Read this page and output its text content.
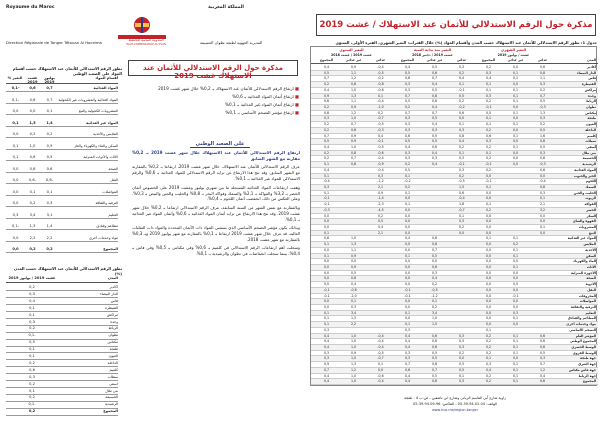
Royaume du Maroc	المملكة المغربية
المندوبية السامية للتخطيط
HAUT-COMMISSARIAT AU PLAN
Direction Régionale de Tanger Tétouan Al Hoceima	المديرية الجهوية لطنجة تطوان الحسيمة
مذكرة حول الرقم الاستدلالي للأثمان عند الاستهلاك غشت 2019
تطور الرقم الاستدلالي للأثمان عند الاستهلاك حسب أقسام المواد على الصعيد الوطني
أقسام المواد
يوليوز 2019
غشت 2019
التغير %
المواد الغذائية
0,7
0,6
-0,1
المواد الغذائية والمشروبات غير الكحولية
0,7
0,6
-0,1
المشروبات الكحولية والتبغ
0,1
0,0
0,0
المواد غير الغذائية
1,4
1,5
0,1
الملابس والأحذية
0,2
0,2
0,0
السكن والماء والكهرباء والغاز
0,9
1,0
0,1
الأثاث والأدوات المنزلية
0,5
0,6
0,1
الصحة
0,6
0,6
0,0
النقل
-0,6
-0,6
0,0
المواصلات
0,1
0,1
0,0
الترفيه والثقافة
0,3
0,2
0,0
التعليم
3,1
3,4
0,3
مطاعم وفنادق
1,4
1,3
-0,1
مواد وخدمات أخرى
2,2
2,2
0,0
المجموع
0,2
0,2
0,0
تطور الرقم الاستدلالي للأثمان عند الاستهلاك حسب المدن (%)
المدن
غشت 2019 / يوليوز 2019
أكادير
0,2
الدار البيضاء
0,3
فاس
0,4
القنيطرة
0,1
مراكش
0,1
وجدة
0,3
الرباط
0,2
تطوان
-0,1
مكناس
0,5
طنجة
0,1
العيون
0,1
الداخلة
0,2
كلميم
0,6
سطات
0,3
آسفي
0,2
بني ملال
0,1
الحسيمة
0,2
الرشيدية
-0,1
المجموع
0,2

■ ارتفاع الرقم الاستدلالي للأثمان عند الاستهلاك بـ 0,2% خلال شهر غشت 2019

■ ارتفاع أثمان المواد الغذائية بـ 0,6%

■ ارتفاع أثمان المواد غير الغذائية بـ 0,1%

■ ارتفاع مؤشر التضخم الأساسي بـ 0,1%

على الصعيد الوطني

ارتفاع الرقم الاستدلالي للأثمان عند الاستهلاك خلال شهر غشت 2019 بـ 0,2% مقارنة مع الشهر السابق

عرف الرقم الاستدلالي للأثمان عند الاستهلاك، خلال شهر غشت 2019، ارتفاعا بـ 0,2% بالمقارنة مع الشهر السابق. وقد نتج هذا الارتفاع عن تزايد الرقم الاستدلالي للمواد الغذائية بـ 0,6% والرقم الاستدلالي للمواد غير الغذائية بـ 0,1%.

وهمت ارتفاعات المواد الغذائية المسجلة ما بين شهري يوليوز وغشت 2019 على الخصوص أثمان الخضر بـ 3,2% والفواكه بـ 2,1% والسمك وفواكه البحر بـ 0,8% والحليب والجبن والبيض بـ 0,3%. وعلى العكس من ذلك، انخفضت أثمان اللحوم بـ 0,4%.

وبالمقارنة مع نفس الشهر من السنة السابقة، عرف الرقم الاستدلالي ارتفاعا بـ 0,2% خلال شهر غشت 2019. وقد نتج هذا الارتفاع عن تزايد أثمان المواد الغذائية بـ 0,6% وأثمان المواد غير الغذائية بـ 0,1%.

وبذلك، يكون مؤشر التضخم الأساسي الذي يستثني المواد ذات الأثمان المحددة والمواد ذات التقلبات العالية، قد عرف خلال شهر غشت 2019 ارتفاعا بـ 0,1% بالمقارنة مع شهر يوليوز 2019 وبـ 0,3% بالمقارنة مع شهر غشت 2018.

وسجلت أهم ارتفاعات الرقم الاستدلالي في كلميم بـ 0,6% وفي مكناس بـ 0,5% وفي فاس بـ 0,4%، بينما سجلت انخفاضات في تطوان والرشيدية بـ 0,1%.

مذكرة حول الرقم الاستدلالي للأثمان عند الاستهلاك / غشت 2019
جدول 1: تطور الرقم الاستدلالي للأثمان عند الاستهلاك حسب المدن وأقسام المواد (%) خلال الفترات: التغير الشهري، الفترة الأولى، السنوي
التغير الشهري
غشت / يوليوز 2019
التغير منذ بداية السنة
غشت 2019 / دجنبر 2018
التغير السنوي
غشت 2019 / غشت 2018
المدن
غذائي
غير غذائي
المجموع
غذائي
غير غذائي
المجموع
غذائي
غير غذائي
المجموع
أكادير
0,6
0,0
0,2
0,3
0,5
0,4
-0,4
0,9
0,4
الدار البيضاء
0,8
0,1
0,3
0,2
0,6
0,5
-0,5
1,1
0,5
فاس
1,1
0,1
0,4
0,4
0,7
0,6
-0,2
1,2
0,7
القنيطرة
0,3
0,0
0,1
0,1
0,4
0,3
-0,8
0,8
0,2
مراكش
0,2
0,1
0,1
-0,1
0,5
0,3
-0,6
1,0
0,4
وجدة
0,7
0,1
0,3
0,5
0,8
0,7
0,1
1,3
0,9
الرباط
0,5
0,1
0,2
0,2
0,6
0,5
-0,4
1,1
0,6
تطوان
-0,3
0,0
-0,1
-0,2
0,4
0,2
-1,0
0,9
0,2
مكناس
1,3
0,1
0,5
0,6
0,7
0,7
0,2
1,2
0,8
طنجة
0,3
0,0
0,1
0,0
0,5
0,3
-0,7
1,0
0,3
العيون
0,2
0,1
0,1
0,1
0,4
0,3
-0,5
0,7
0,2
الداخلة
0,5
0,0
0,2
0,3
0,3
0,3
-0,3
0,6
0,2
كلميم
1,6
0,1
0,6
0,8
0,5
0,6
0,4
0,9
0,7
سطات
0,8
0,0
0,3
0,4
0,5
0,5
-0,1
0,9
0,5
آسفي
0,5
0,1
0,2
0,2
0,6
0,4
-0,5
1,0
0,4
بني ملال
0,3
0,0
0,1
0,1
0,4
0,3
-0,6
0,8
0,2
الحسيمة
0,6
0,0
0,2
0,3
0,3
0,3
-0,4
0,7
0,2
الرشيدية
-0,3
0,0
-0,1
-0,1
0,4
0,2
-0,9
0,8
0,1
المواد الغذائية
0,6
0,2
0,3
0,5
-0,4
0,4
الخبز والحبوب
0,0
0,0
0,2
0,1
0,3
0,1
اللحوم
-0,4
-0,1
-0,5
-0,2
-1,2
-0,4
السمك
0,8
0,1
1,5
0,2
2,1
0,3
الحليب والجبن
0,3
0,0
0,6
0,1
0,9
0,1
الزيوت
0,1
0,0
-0,4
0,0
-1,4
-0,1
الفواكه
2,1
0,1
1,8
0,1
-2,3
-0,1
الخضر
3,2
0,2
-0,7
0,0
-4,5
-0,3
السكر
0,0
0,0
0,1
0,0
0,2
0,0
القهوة والشاي
0,0
0,0
0,3
0,0
0,5
0,0
المشروبات
0,1
0,0
0,2
0,0
0,4
0,0
التبغ
0,0
0,0
0,0
0,0
2,1
0,1
المواد غير الغذائية
0,1
0,1
0,6
0,4
1,0
0,6
الملابس
0,2
0,0
0,8
0,0
1,3
0,1
الأحذية
0,1
0,0
0,7
0,0
1,1
0,0
السكن
0,1
0,0
0,5
0,1
0,9
0,1
الماء والكهرباء
0,0
0,0
0,0
0,0
0,0
0,0
الأثاث
0,1
0,0
0,6
0,0
0,9
0,0
الأجهزة المنزلية
0,0
0,0
0,3
0,0
0,5
0,0
الصحة
0,0
0,0
0,4
0,0
0,6
0,0
الأدوية
0,0
0,0
0,2
0,0
0,4
0,0
النقل
0,0
0,0
-0,5
-0,1
-0,6
-0,1
المحروقات
-0,1
0,0
-1,2
-0,1
-2,0
-0,1
المواصلات
0,0
0,0
0,1
0,0
0,1
0,0
الترفيه والثقافة
0,0
0,0
0,2
0,0
0,3
0,0
التعليم
0,3
0,0
3,4
0,1
3,4
0,1
المطاعم والفنادق
0,1
0,0
1,0
0,0
1,3
0,1
مواد وخدمات أخرى
0,0
0,0
1,5
0,1
2,2
0,1
التضخم الأساسي
0,1
0,3
0,3
المؤشر العام
0,6
0,1
0,2
0,3
0,6
0,4
-0,4
1,0
0,4
المجموع الوطني
0,6
0,1
0,2
0,3
0,6
0,4
-0,4
1,0
0,4
الوسط الحضري
0,6
0,1
0,2
0,3
0,6
0,4
-0,4
1,0
0,4
الوسط القروي
0,5
0,1
0,2
0,2
0,5
0,3
-0,5
0,9
0,3
جهة طنجة
0,3
0,0
0,1
0,0
0,5
0,3
-0,7
1,0
0,3
جهة الشرق
0,7
0,1
0,3
0,5
0,8
0,7
0,1
1,3
0,9
جهة فاس مكناس
1,2
0,1
0,4
0,5
0,7
0,6
0,0
1,2
0,7
جهة الرباط
0,4
0,1
0,2
0,1
0,5
0,4
-0,6
1,0
0,4
المجموع
0,6
0,1
0,2
0,3
0,6
0,4
-0,4
1,0
0,4
زاوية شارع أبي القاسم الزياني وشارع ابن تاشفين - ص.ب 4 - طنجة
الهاتف: 05.39.94.02.04 - الفاكس: 05.39.94.09.96
www.hcp.ma/region-tanger
